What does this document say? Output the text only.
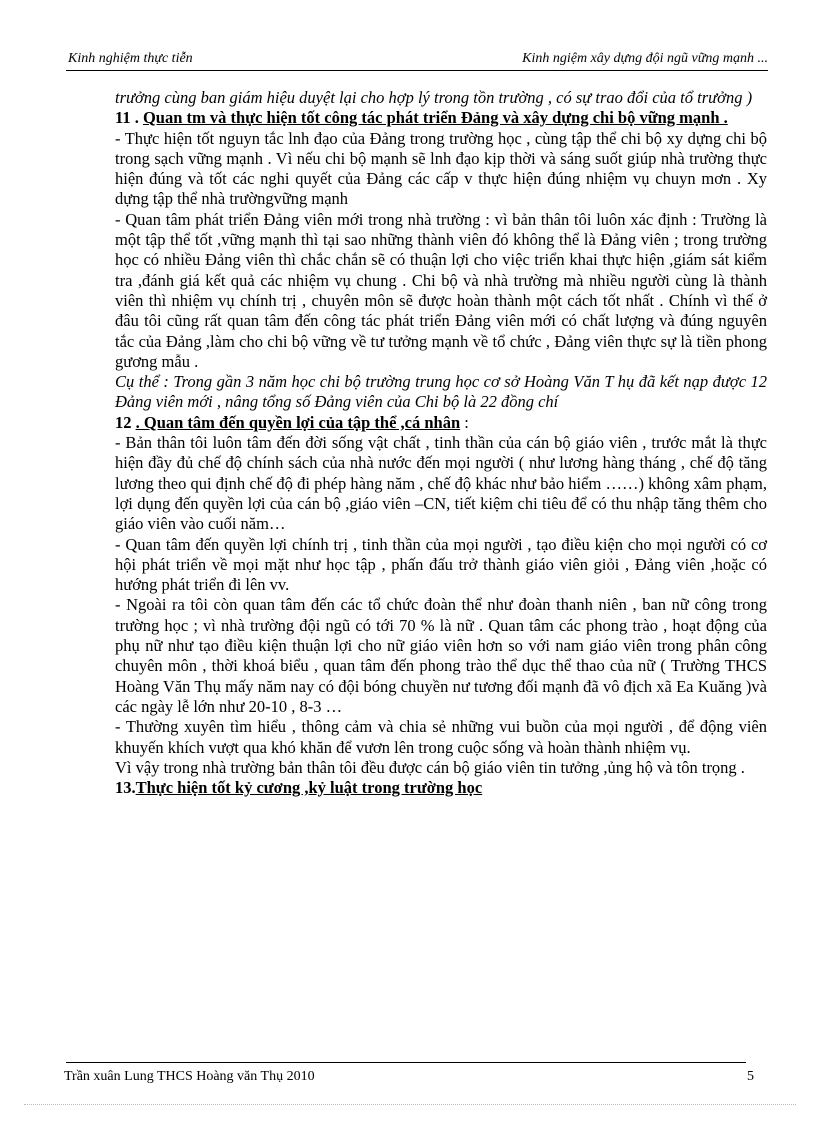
Kinh nghiệm thực tiễn	Kinh ngiệm xây dựng đội ngũ vững mạnh ...

trưởng cùng ban giám hiệu duyệt lại cho hợp lý trong tồn trường , có sự trao đổi của tổ trưởng )

11 . Quan tm và thực hiện tốt công tác phát triển Đảng và xây dựng chi bộ vững mạnh .

- Thực hiện tốt nguyn tắc lnh đạo của Đảng trong trường học , cùng tập thể chi bộ xy dựng chi bộ trong sạch vững mạnh . Vì nếu chi bộ mạnh sẽ lnh đạo kịp thời và sáng suốt giúp nhà trường thực hiện đúng và tốt các nghi quyết của Đảng các cấp v thực hiện đúng nhiệm vụ chuyn mơn . Xy dựng tập thể nhà trườngvững mạnh

- Quan tâm phát triển Đảng viên mới trong nhà trường : vì bản thân tôi luôn xác định : Trường là một tập thể tốt ,vững mạnh thì tại sao những thành viên đó không thể là Đảng viên ; trong trường học có nhiều Đảng viên thì chắc chắn sẽ có thuận lợi cho việc triển khai thực hiện ,giám sát kiểm tra ,đánh giá kết quả các nhiệm vụ chung . Chi bộ và nhà trường mà nhiều người cùng là thành viên thì nhiệm vụ chính trị , chuyên môn sẽ được hoàn thành một cách tốt nhất . Chính vì thế ở đâu tôi cũng rất quan tâm đến công tác phát triển Đảng viên mới có chất lượng và đúng nguyên tắc của Đảng ,làm cho chi bộ vững về tư tưởng mạnh về tổ chức , Đảng viên thực sự là tiền phong gương mẫu .

Cụ thể : Trong gần 3 năm học chi bộ trường trung học cơ sở Hoàng Văn T hụ đã kết nạp được 12 Đảng viên mới , nâng tổng số Đảng viên của Chi bộ là 22 đồng chí

12 . Quan tâm đến quyền lợi của tập thể ,cá nhân :

- Bản thân tôi luôn tâm đến đời sống vật chất , tinh thần của cán bộ giáo viên , trước mắt là thực hiện đầy đủ chế độ chính sách của nhà nước đến mọi người ( như lương hàng tháng , chế độ tăng lương theo qui định chế độ đi phép hàng năm , chế độ khác như bảo hiểm ……) không xâm phạm, lợi dụng đến quyền lợi của cán bộ ,giáo viên –CN, tiết kiệm chi tiêu để có thu nhập tăng thêm cho giáo viên vào cuối năm…

- Quan tâm đến quyền lợi chính trị , tinh thần của mọi người , tạo điều kiện cho mọi người có cơ hội phát triển về mọi mặt như học tập , phấn đấu trở thành giáo viên giỏi , Đảng viên ,hoặc có hướng phát triển đi lên vv.

- Ngoài ra tôi còn quan tâm đến các tổ chức đoàn thể như đoàn thanh niên , ban nữ công trong trường học ; vì nhà trường đội ngũ có tới 70 % là nữ . Quan tâm các phong trào , hoạt động của phụ nữ như tạo điều kiện thuận lợi cho nữ giáo viên hơn so với nam giáo viên trong phân công chuyên môn , thời khoá biểu , quan tâm đến phong trào thể dục thể thao của nữ ( Trường THCS Hoàng Văn Thụ mấy năm nay có đội bóng chuyền nư tương đối mạnh đã vô địch xã Ea Kuăng )và các ngày lễ lớn như 20-10 , 8-3 …

- Thường xuyên tìm hiểu , thông cảm và chia sẻ những vui buồn của mọi người , để động viên khuyến khích vượt qua khó khăn để vươn lên trong cuộc sống và hoàn thành nhiệm vụ.

Vì vậy trong nhà trường bản thân tôi đều được cán bộ giáo viên tin tưởng ,ủng hộ và tôn trọng .

13.Thực hiện tốt kỷ cương ,kỷ luật trong trường học

Trần xuân Lung THCS Hoàng văn Thụ 2010	5
